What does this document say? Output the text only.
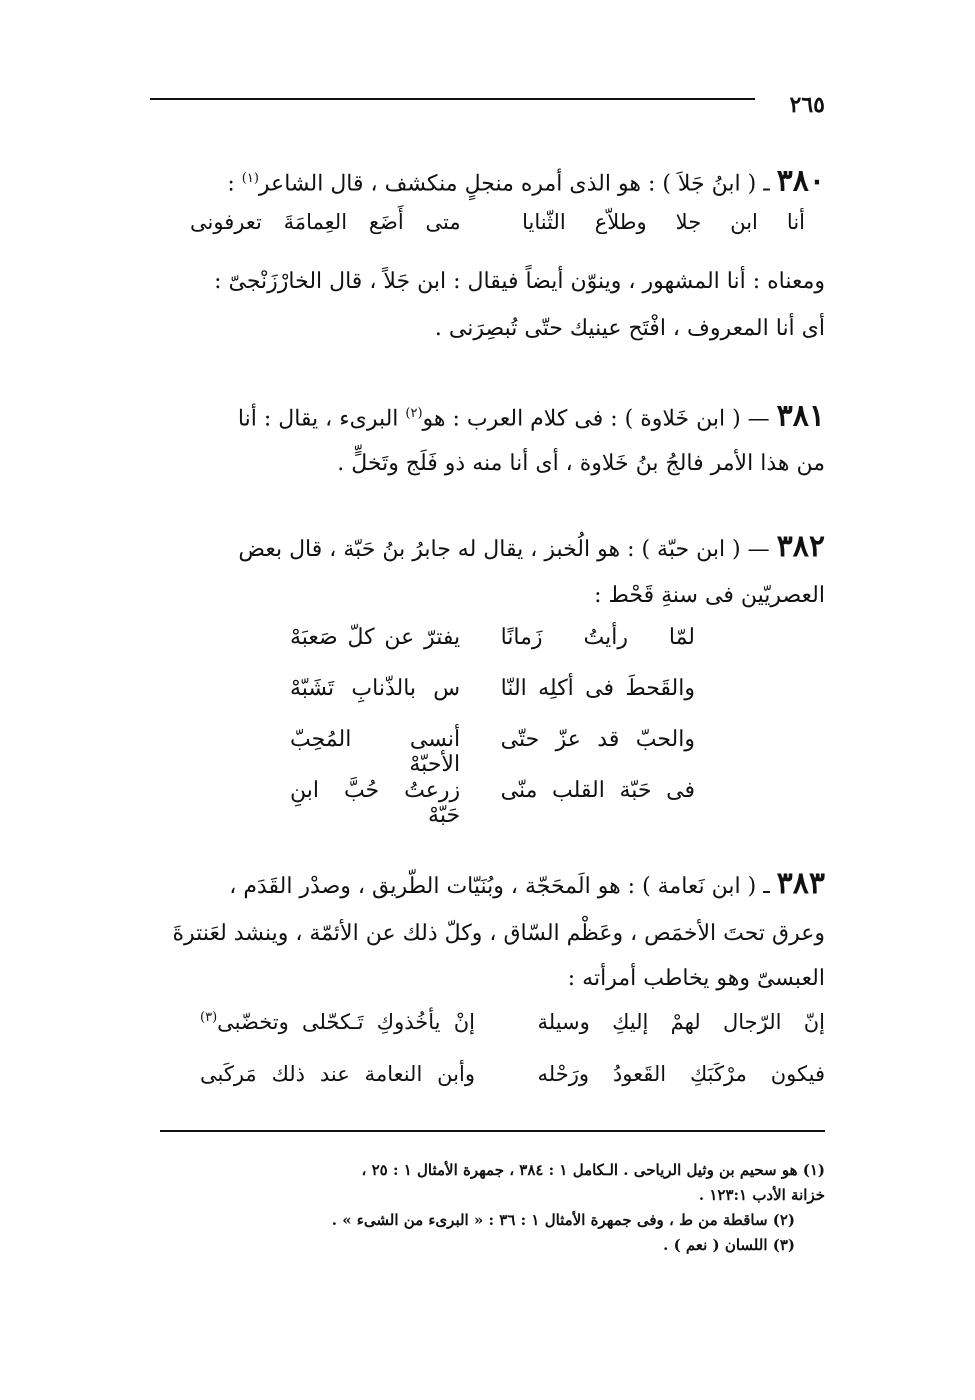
٢٦٥
٣٨٠ ـ ( ابنُ جَلاَ ) : هو الذى أمره منجلٍ منكشف ، قال الشاعر$^{(١)}$ :
أنا ابن جلا وطلاّع الثّنايا
متى أَضَع العِمامَةَ تعرفونى
ومعناه : أنا المشهور ، وينوّن أيضاً فيقال : ابن جَلاً ، قال الخارْزَنْجىّ :
أى أنا المعروف ، افْتَح عينيك حتّى تُبصِرَنى .
٣٨١ — ( ابن خَلاوة ) : فى كلام العرب : هو$^{(٢)}$ البرىء ، يقال : أنا
من هذا الأمر فالجُ بنُ خَلاوة ، أى أنا منه ذو فَلَج وتَخلٍّ .
٣٨٢ — ( ابن حبّة ) : هو الُخبز ، يقال له جابرُ بنُ حَبّة ، قال بعض
العصريّين فى سنةِ قَحْط :
لمّا رأيتُ زَمانًا
يفترّ عن كلّ صَعبَهْ
والقَحطَ فى أكلِه النّا
س بالذّنابِ تَشَبّهْ
والحبّ قد عزّ حتّى
أنسى المُحِبّ الأحبّهْ
فى حَبّة القلب منّى
زرعتُ حُبَّ ابنِ حَبّهْ
٣٨٣ ـ ( ابن نَعامة ) : هو الَمحَجّة ، وبُنَيّات الطّريق ، وصدْر القَدَم ،
وعرق تحتَ الأخمَص ، وعَظْم السّاق ، وكلّ ذلك عن الأئمّة ، وينشد لعَنترةَ
العبسىّ وهو يخاطب أمرأته :
إنّ الرّجال لهمْ إليكِ وسيلة
إنْ يأخُذوكِ تَـكحّلى وتخضّبى$^{(٣)}$
وأبن النعامة عند ذلك مَركَبى	فيكون مرْكَبَكِ القَعودُ ورَحْله
(١) هو سحيم بن وثيل الرياحى . الـكامل ١ : ٣٨٤ ، جمهرة الأمثال ١ : ٢٥ ،
خزانة الأدب ١٢٣:١ .
(٢) ساقطة من ط ، وفى جمهرة الأمثال ١ : ٣٦ : « البرىء من الشىء » .
(٣) اللسان ( نعم ) .
